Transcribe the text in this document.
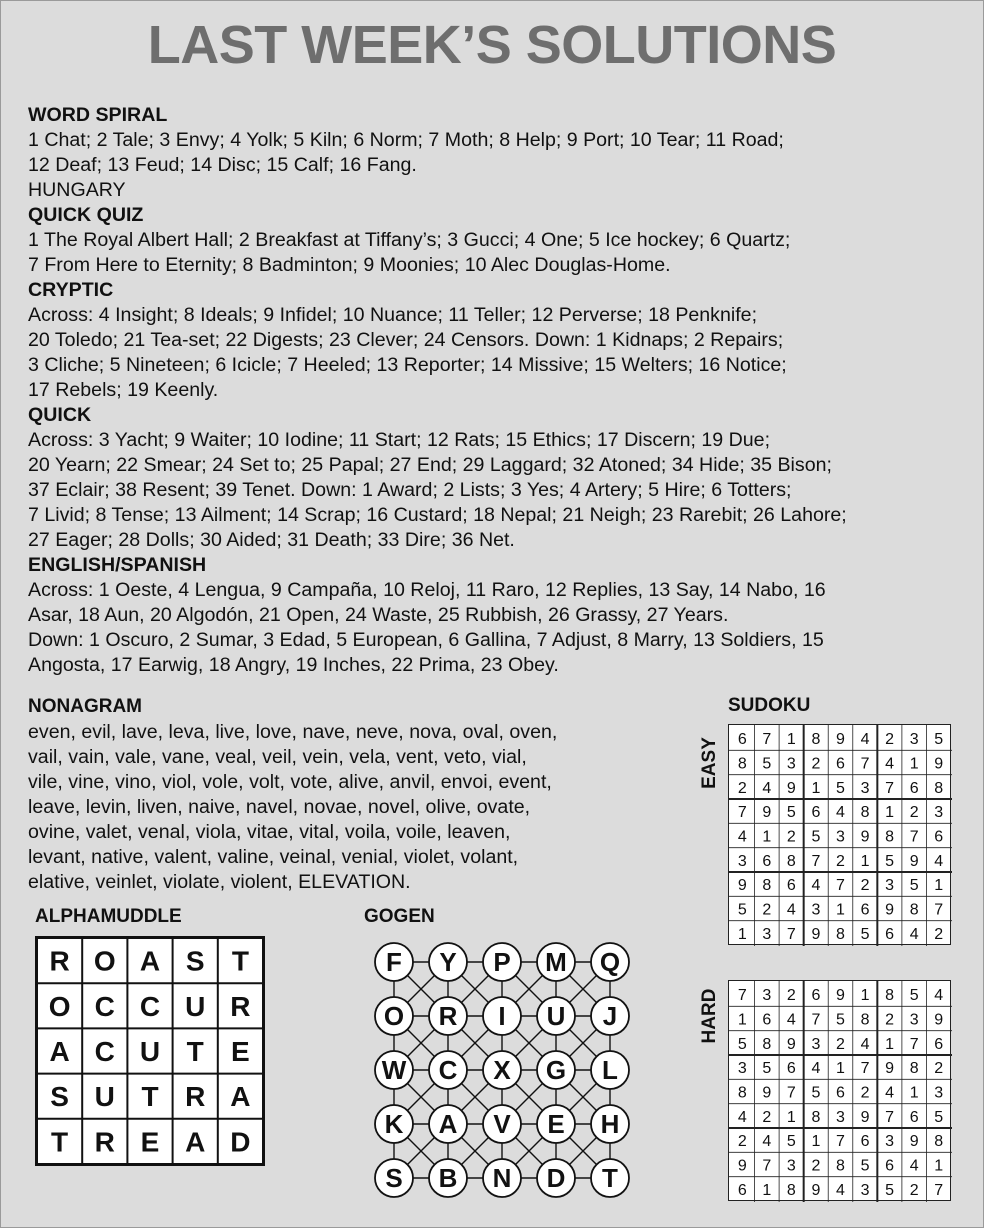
LAST WEEK’S SOLUTIONS

WORD SPIRAL

1 Chat; 2 Tale; 3 Envy; 4 Yolk; 5 Kiln; 6 Norm; 7 Moth; 8 Help; 9 Port; 10 Tear; 11 Road;

12 Deaf; 13 Feud; 14 Disc; 15 Calf; 16 Fang.

HUNGARY

QUICK QUIZ

1 The Royal Albert Hall; 2 Breakfast at Tiffany’s; 3 Gucci; 4 One; 5 Ice hockey; 6 Quartz;

7 From Here to Eternity; 8 Badminton; 9 Moonies; 10 Alec Douglas-Home.

CRYPTIC

Across: 4 Insight; 8 Ideals; 9 Infidel; 10 Nuance; 11 Teller; 12 Perverse; 18 Penknife;

20 Toledo; 21 Tea-set; 22 Digests; 23 Clever; 24 Censors. Down: 1 Kidnaps; 2 Repairs;

3 Cliche; 5 Nineteen; 6 Icicle; 7 Heeled; 13 Reporter; 14 Missive; 15 Welters; 16 Notice;

17 Rebels; 19 Keenly.

QUICK

Across: 3 Yacht; 9 Waiter; 10 Iodine; 11 Start; 12 Rats; 15 Ethics; 17 Discern; 19 Due;

20 Yearn; 22 Smear; 24 Set to; 25 Papal; 27 End; 29 Laggard; 32 Atoned; 34 Hide; 35 Bison;

37 Eclair; 38 Resent; 39 Tenet. Down: 1 Award; 2 Lists; 3 Yes; 4 Artery; 5 Hire; 6 Totters;

7 Livid; 8 Tense; 13 Ailment; 14 Scrap; 16 Custard; 18 Nepal; 21 Neigh; 23 Rarebit; 26 Lahore;

27 Eager; 28 Dolls; 30 Aided; 31 Death; 33 Dire; 36 Net.

ENGLISH/SPANISH

Across: 1 Oeste, 4 Lengua, 9 Campaña, 10 Reloj, 11 Raro, 12 Replies, 13 Say, 14 Nabo, 16

Asar, 18 Aun, 20 Algodón, 21 Open, 24 Waste, 25 Rubbish, 26 Grassy, 27 Years.

Down: 1 Oscuro, 2 Sumar, 3 Edad, 5 European, 6 Gallina, 7 Adjust, 8 Marry, 13 Soldiers, 15

Angosta, 17 Earwig, 18 Angry, 19 Inches, 22 Prima, 23 Obey.

NONAGRAM

even, evil, lave, leva, live, love, nave, neve, nova, oval, oven,

vail, vain, vale, vane, veal, veil, vein, vela, vent, veto, vial,

vile, vine, vino, viol, vole, volt, vote, alive, anvil, envoi, event,

leave, levin, liven, naive, navel, novae, novel, olive, ovate,

ovine, valet, venal, viola, vitae, vital, voila, voile, leaven,

levant, native, valent, valine, veinal, venial, violet, volant,

elative, veinlet, violate, violent, ELEVATION.

SUDOKU
EASY 6 7 1 8 9 4 2 3 5
8 5 3 2 6 7 4 1 9
2 4 9 1 5 3 7 6 8
7 9 5 6 4 8 1 2 3
4 1 2 5 3 9 8 7 6
3 6 8 7 2 1 5 9 4
9 8 6 4 7 2 3 5 1
5 2 4 3 1 6 9 8 7
1 3 7 9 8 5 6 4 2
HARD 7 3 2 6 9 1 8 5 4
1 6 4 7 5 8 2 3 9
5 8 9 3 2 4 1 7 6
3 5 6 4 1 7 9 8 2
8 9 7 5 6 2 4 1 3
4 2 1 8 3 9 7 6 5
2 4 5 1 7 6 3 9 8
9 7 3 2 8 5 6 4 1
6 1 8 9 4 3 5 2 7
ALPHAMUDDLE
R O A S T
O C C U R
A C U T E
S U T R A
T R E A D
GOGEN
F Y P M Q
O R I U J
W C X G L
K A V E H
S B N D T
